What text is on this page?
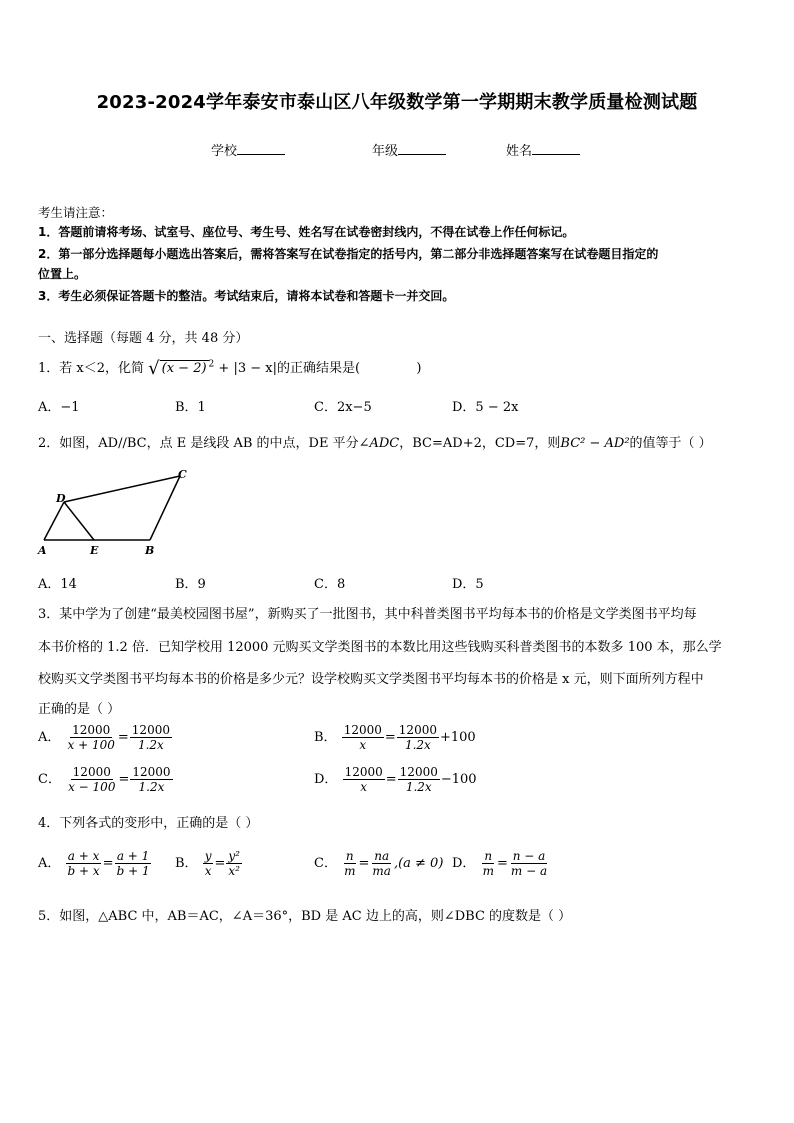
2023-2024学年泰安市泰山区八年级数学第一学期期末教学质量检测试题
学校	年级	姓名
考生请注意：
1．答题前请将考场、试室号、座位号、考生号、姓名写在试卷密封线内，不得在试卷上作任何标记。
2．第一部分选择题每小题选出答案后，需将答案写在试卷指定的括号内，第二部分非选择题答案写在试卷题目指定的
位置上。
3．考生必须保证答题卡的整洁。考试结束后，请将本试卷和答题卡一并交回。
一、选择题（每题 4 分，共 48 分）
1．若 x＜2，化简 √ (x − 2) $^2$ + |3 − x|的正确结果是(	)
A．−1	B．1	C．2x−5	D．5 − 2x
2．如图，AD//BC，点 E 是线段 AB 的中点，DE 平分∠ADC，BC=AD+2，CD=7，则BC² − AD²的值等于（ ）
D
C
A	E	B
A．14	B．9	C．8	D．5
3．某中学为了创建“最美校园图书屋”，新购买了一批图书，其中科普类图书平均每本书的价格是文学类图书平均每
本书价格的 1.2 倍．已知学校用 12000 元购买文学类图书的本数比用这些钱购买科普类图书的本数多 100 本，那么学
校购买文学类图书平均每本书的价格是多少元？设学校购买文学类图书平均每本书的价格是 x 元，则下面所列方程中
正确的是（ ）
A． $\frac{12000}{x + 100} = \frac{12000}{1.2x}$	B． $\frac{12000}{x} = \frac{12000}{1.2x} +100$
C． $\frac{12000}{x - 100} = \frac{12000}{1.2x}$	D． $\frac{12000}{x} = \frac{12000}{1.2x} -100$
4．下列各式的变形中，正确的是（ ）
A． $\frac{a + x}{b + x} = \frac{a + 1}{b + 1}$ B． $\frac{y}{x} = \frac{\text{y²}}{\text{x²}}$	C． $\frac{n}{m} = \frac{na}{ma} ,(a \ne 0)$ D． $\frac{n}{m} = \frac{n - a}{m - a}$
5．如图，△ABC 中，AB＝AC，∠A＝36°，BD 是 AC 边上的高，则∠DBC 的度数是（ ）
